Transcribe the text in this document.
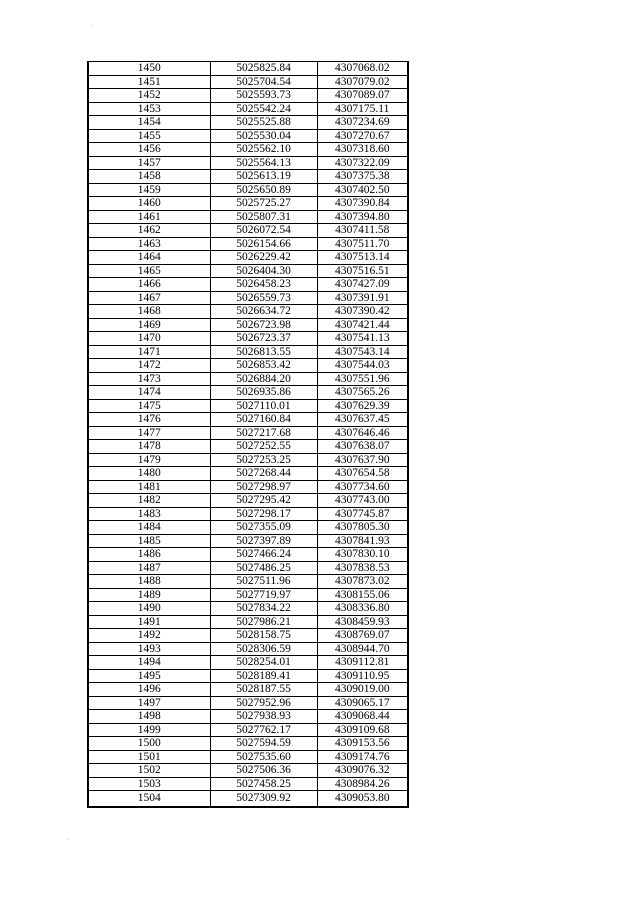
·
·
1450	5025825.84	4307068.02
1451	5025704.54	4307079.02
1452	5025593.73	4307089.07
1453	5025542.24	4307175.11
1454	5025525.88	4307234.69
1455	5025530.04	4307270.67
1456	5025562.10	4307318.60
1457	5025564.13	4307322.09
1458	5025613.19	4307375.38
1459	5025650.89	4307402.50
1460	5025725.27	4307390.84
1461	5025807.31	4307394.80
1462	5026072.54	4307411.58
1463	5026154.66	4307511.70
1464	5026229.42	4307513.14
1465	5026404.30	4307516.51
1466	5026458.23	4307427.09
1467	5026559.73	4307391.91
1468	5026634.72	4307390.42
1469	5026723.98	4307421.44
1470	5026723.37	4307541.13
1471	5026813.55	4307543.14
1472	5026853.42	4307544.03
1473	5026884.20	4307551.96
1474	5026935.86	4307565.26
1475	5027110.01	4307629.39
1476	5027160.84	4307637.45
1477	5027217.68	4307646.46
1478	5027252.55	4307638.07
1479	5027253.25	4307637.90
1480	5027268.44	4307654.58
1481	5027298.97	4307734.60
1482	5027295.42	4307743.00
1483	5027298.17	4307745.87
1484	5027355.09	4307805.30
1485	5027397.89	4307841.93
1486	5027466.24	4307830.10
1487	5027486.25	4307838.53
1488	5027511.96	4307873.02
1489	5027719.97	4308155.06
1490	5027834.22	4308336.80
1491	5027986.21	4308459.93
1492	5028158.75	4308769.07
1493	5028306.59	4308944.70
1494	5028254.01	4309112.81
1495	5028189.41	4309110.95
1496	5028187.55	4309019.00
1497	5027952.96	4309065.17
1498	5027938.93	4309068.44
1499	5027762.17	4309109.68
1500	5027594.59	4309153.56
1501	5027535.60	4309174.76
1502	5027506.36	4309076.32
1503	5027458.25	4308984.26
1504	5027309.92	4309053.80
